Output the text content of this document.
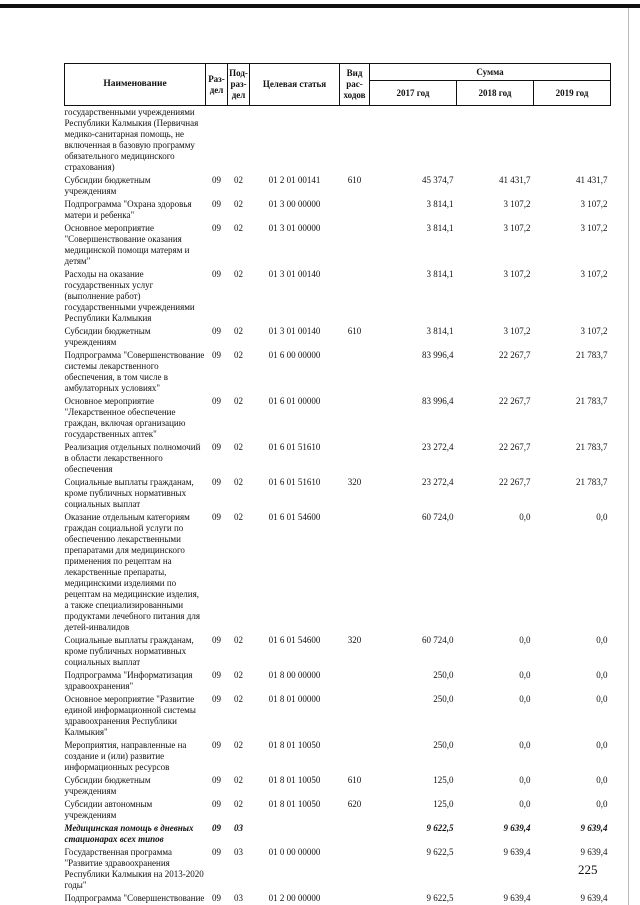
Наименование	Раз-дел	Под-раз-дел	Целевая статья	Вид рас-ходов	Сумма		
					2017 год	2018 год	2019 год
государственными учреждениями Республики Калмыкия (Первичная медико-санитарная помощь, не включенная в базовую программу обязательного медицинского страхования)							
Субсидии бюджетным учреждениям	09	02	01 2 01 00141	610	45 374,7	41 431,7	41 431,7
Подпрограмма "Охрана здоровья матери и ребенка"	09	02	01 3 00 00000		3 814,1	3 107,2	3 107,2
Основное мероприятие "Совершенствование оказания медицинской помощи матерям и детям"	09	02	01 3 01 00000		3 814,1	3 107,2	3 107,2
Расходы на оказание государственных услуг (выполнение работ) государственными учреждениями Республики Калмыкия	09	02	01 3 01 00140		3 814,1	3 107,2	3 107,2
Субсидии бюджетным учреждениям	09	02	01 3 01 00140	610	3 814,1	3 107,2	3 107,2
Подпрограмма "Совершенствование системы лекарственного обеспечения, в том числе в амбулаторных условиях"	09	02	01 6 00 00000		83 996,4	22 267,7	21 783,7
Основное мероприятие "Лекарственное обеспечение граждан, включая организацию государственных аптек"	09	02	01 6 01 00000		83 996,4	22 267,7	21 783,7
Реализация отдельных полномочий в области лекарственного обеспечения	09	02	01 6 01 51610		23 272,4	22 267,7	21 783,7
Социальные выплаты гражданам, кроме публичных нормативных социальных выплат	09	02	01 6 01 51610	320	23 272,4	22 267,7	21 783,7
Оказание отдельным категориям граждан социальной услуги по обеспечению лекарственными препаратами для медицинского применения по рецептам на лекарственные препараты, медицинскими изделиями по рецептам на медицинские изделия, а также специализированными продуктами лечебного питания для детей-инвалидов	09	02	01 6 01 54600		60 724,0	0,0	0,0
Социальные выплаты гражданам, кроме публичных нормативных социальных выплат	09	02	01 6 01 54600	320	60 724,0	0,0	0,0
Подпрограмма "Информатизация здравоохранения"	09	02	01 8 00 00000		250,0	0,0	0,0
Основное мероприятие "Развитие единой информационной системы здравоохранения Республики Калмыкия"	09	02	01 8 01 00000		250,0	0,0	0,0
Мероприятия, направленные на создание и (или) развитие информационных ресурсов	09	02	01 8 01 10050		250,0	0,0	0,0
Субсидии бюджетным учреждениям	09	02	01 8 01 10050	610	125,0	0,0	0,0
Субсидии автономным учреждениям	09	02	01 8 01 10050	620	125,0	0,0	0,0
Медицинская помощь в дневных стационарах всех типов	09	03			9 622,5	9 639,4	9 639,4
Государственная программа "Развитие здравоохранения Республики Калмыкия на 2013-2020 годы"	09	03	01 0 00 00000		9 622,5	9 639,4	9 639,4
Подпрограмма "Совершенствование	09	03	01 2 00 00000		9 622,5	9 639,4	9 639,4
225
